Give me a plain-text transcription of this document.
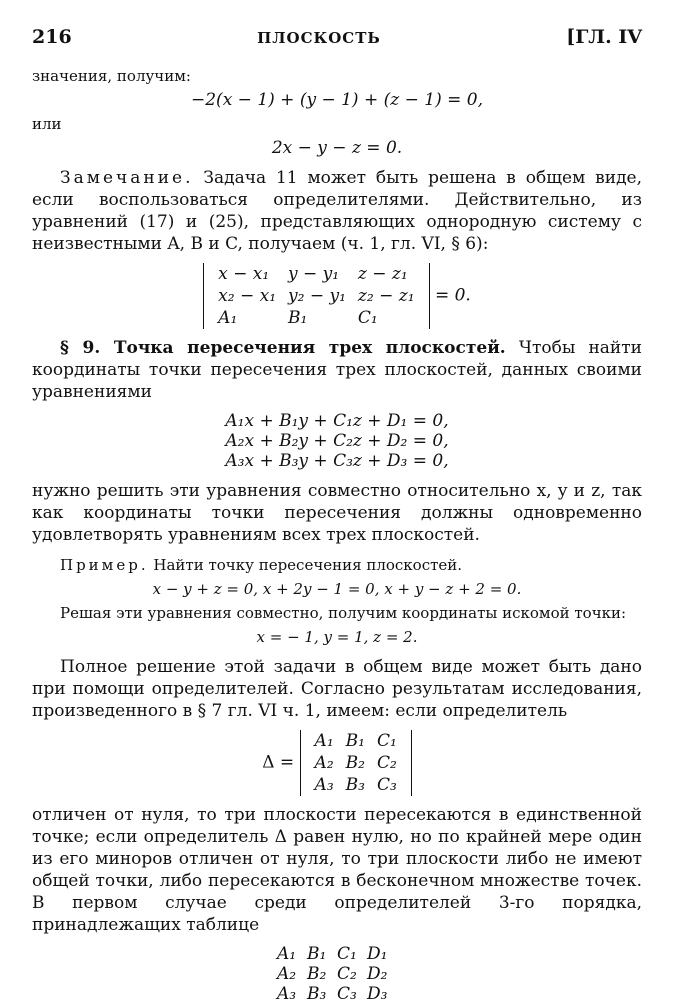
216	ПЛОСКОСТЬ	[ГЛ. IV

значения, получим:

−2(x − 1) + (y − 1) + (z − 1) = 0,

или

2x − y − z = 0.

Замечание. Задача 11 может быть решена в общем виде, если воспользоваться определителями. Действительно, из уравнений (17) и (25), представляющих однородную систему с неизвестными A, B и C, получаем (ч. 1, гл. VI, § 6):

x − x₁	y − y₁	z − z₁
x₂ − x₁	y₂ − y₁	z₂ − z₁
A₁	B₁	C₁
= 0.

§ 9. Точка пересечения трех плоскостей. Чтобы найти координаты точки пересечения трех плоскостей, данных своими уравнениями

A₁x + B₁y + C₁z + D₁ = 0,
A₂x + B₂y + C₂z + D₂ = 0,
A₃x + B₃y + C₃z + D₃ = 0,

нужно решить эти уравнения совместно относительно x, y и z, так как координаты точки пересечения должны одновременно удовлетворять уравнениям всех трех плоскостей.

Пример. Найти точку пересечения плоскостей.

x − y + z = 0, x + 2y − 1 = 0, x + y − z + 2 = 0.

Решая эти уравнения совместно, получим координаты искомой точки:

x = − 1, y = 1, z = 2.

Полное решение этой задачи в общем виде может быть дано при помощи определителей. Согласно результатам исследования, произведенного в § 7 гл. VI ч. 1, имеем: если определитель

Δ =
A₁	B₁	C₁
A₂	B₂	C₂
A₃	B₃	C₃

отличен от нуля, то три плоскости пересекаются в единственной точке; если определитель Δ равен нулю, но по крайней мере один из его миноров отличен от нуля, то три плоскости либо не имеют общей точки, либо пересекаются в бесконечном множестве точек. В первом случае среди определителей 3-го порядка, принадлежащих таблице

A₁ B₁ C₁ D₁
A₂ B₂ C₂ D₂
A₃ B₃ C₃ D₃
